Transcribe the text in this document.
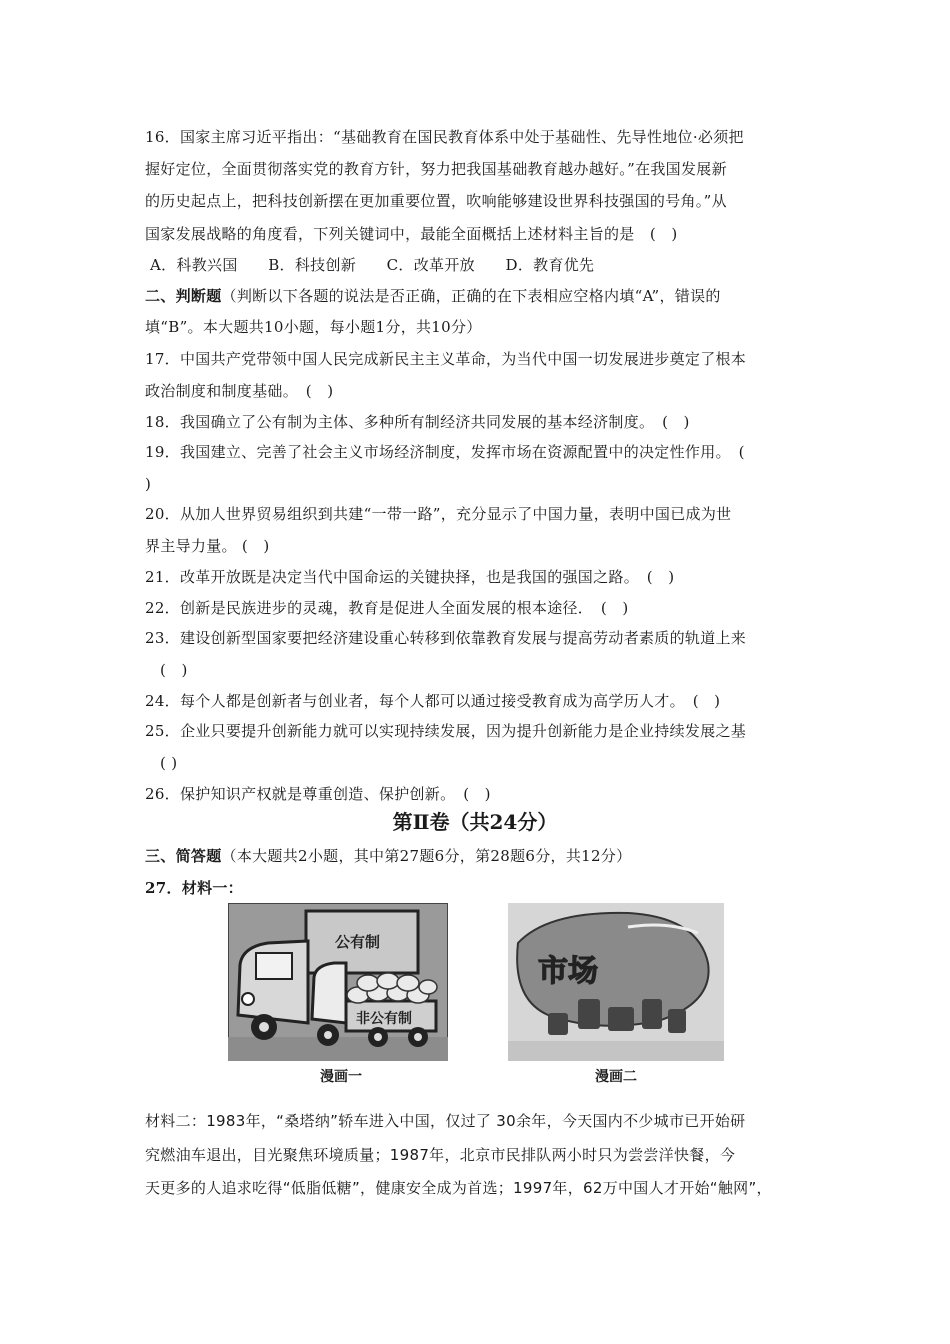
16．国家主席习近平指出：“基础教育在国民教育体系中处于基础性、先导性地位·必须把
握好定位，全面贯彻落实党的教育方针，努力把我国基础教育越办越好。”在我国发展新
的历史起点上，把科技创新摆在更加重要位置，吹响能够建设世界科技强国的号角。”从
国家发展战略的角度看，下列关键词中，最能全面概括上述材料主旨的是　(　)
A．科教兴国　　B．科技创新　　C．改革开放　　D．教育优先
二、判断题（判断以下各题的说法是否正确，正确的在下表相应空格内填“A”，错误的
填“B”。本大题共10小题，每小题1分，共10分）
17．中国共产党带领中国人民完成新民主主义革命，为当代中国一切发展进步奠定了根本
政治制度和制度基础。　(　)
18．我国确立了公有制为主体、多种所有制经济共同发展的基本经济制度。　(　)
19．我国建立、完善了社会主义市场经济制度，发挥市场在资源配置中的决定性作用。　(
)
20．从加人世界贸易组织到共建“一带一路”，充分显示了中国力量，表明中国已成为世
界主导力量。 (　)
21．改革开放既是决定当代中国命运的关键抉择，也是我国的强国之路。　(　)
22．创新是民族进步的灵魂，教育是促进人全面发展的根本途径．　(　)
23．建设创新型国家要把经济建设重心转移到依靠教育发展与提高劳动者素质的轨道上来
(　)
24．每个人都是创新者与创业者，每个人都可以通过接受教育成为高学历人才。　(　)
25．企业只要提升创新能力就可以实现持续发展，因为提升创新能力是企业持续发展之基
( )
26．保护知识产权就是尊重创造、保护创新。　(　)
第Ⅱ卷（共24分）
三、简答题（本大题共2小题，其中第27题6分，第28题6分，共12分）
27．材料一：
公有制
非公有制
漫画一
市场
漫画二
材料二：1983年，“桑塔纳”轿车进入中国，仅过了 30余年，今天国内不少城市已开始研
究燃油车退出，目光聚焦环境质量；1987年，北京市民排队两小时只为尝尝洋快餐，今
天更多的人追求吃得“低脂低糖”，健康安全成为首选；1997年，62万中国人才开始“触网”，
